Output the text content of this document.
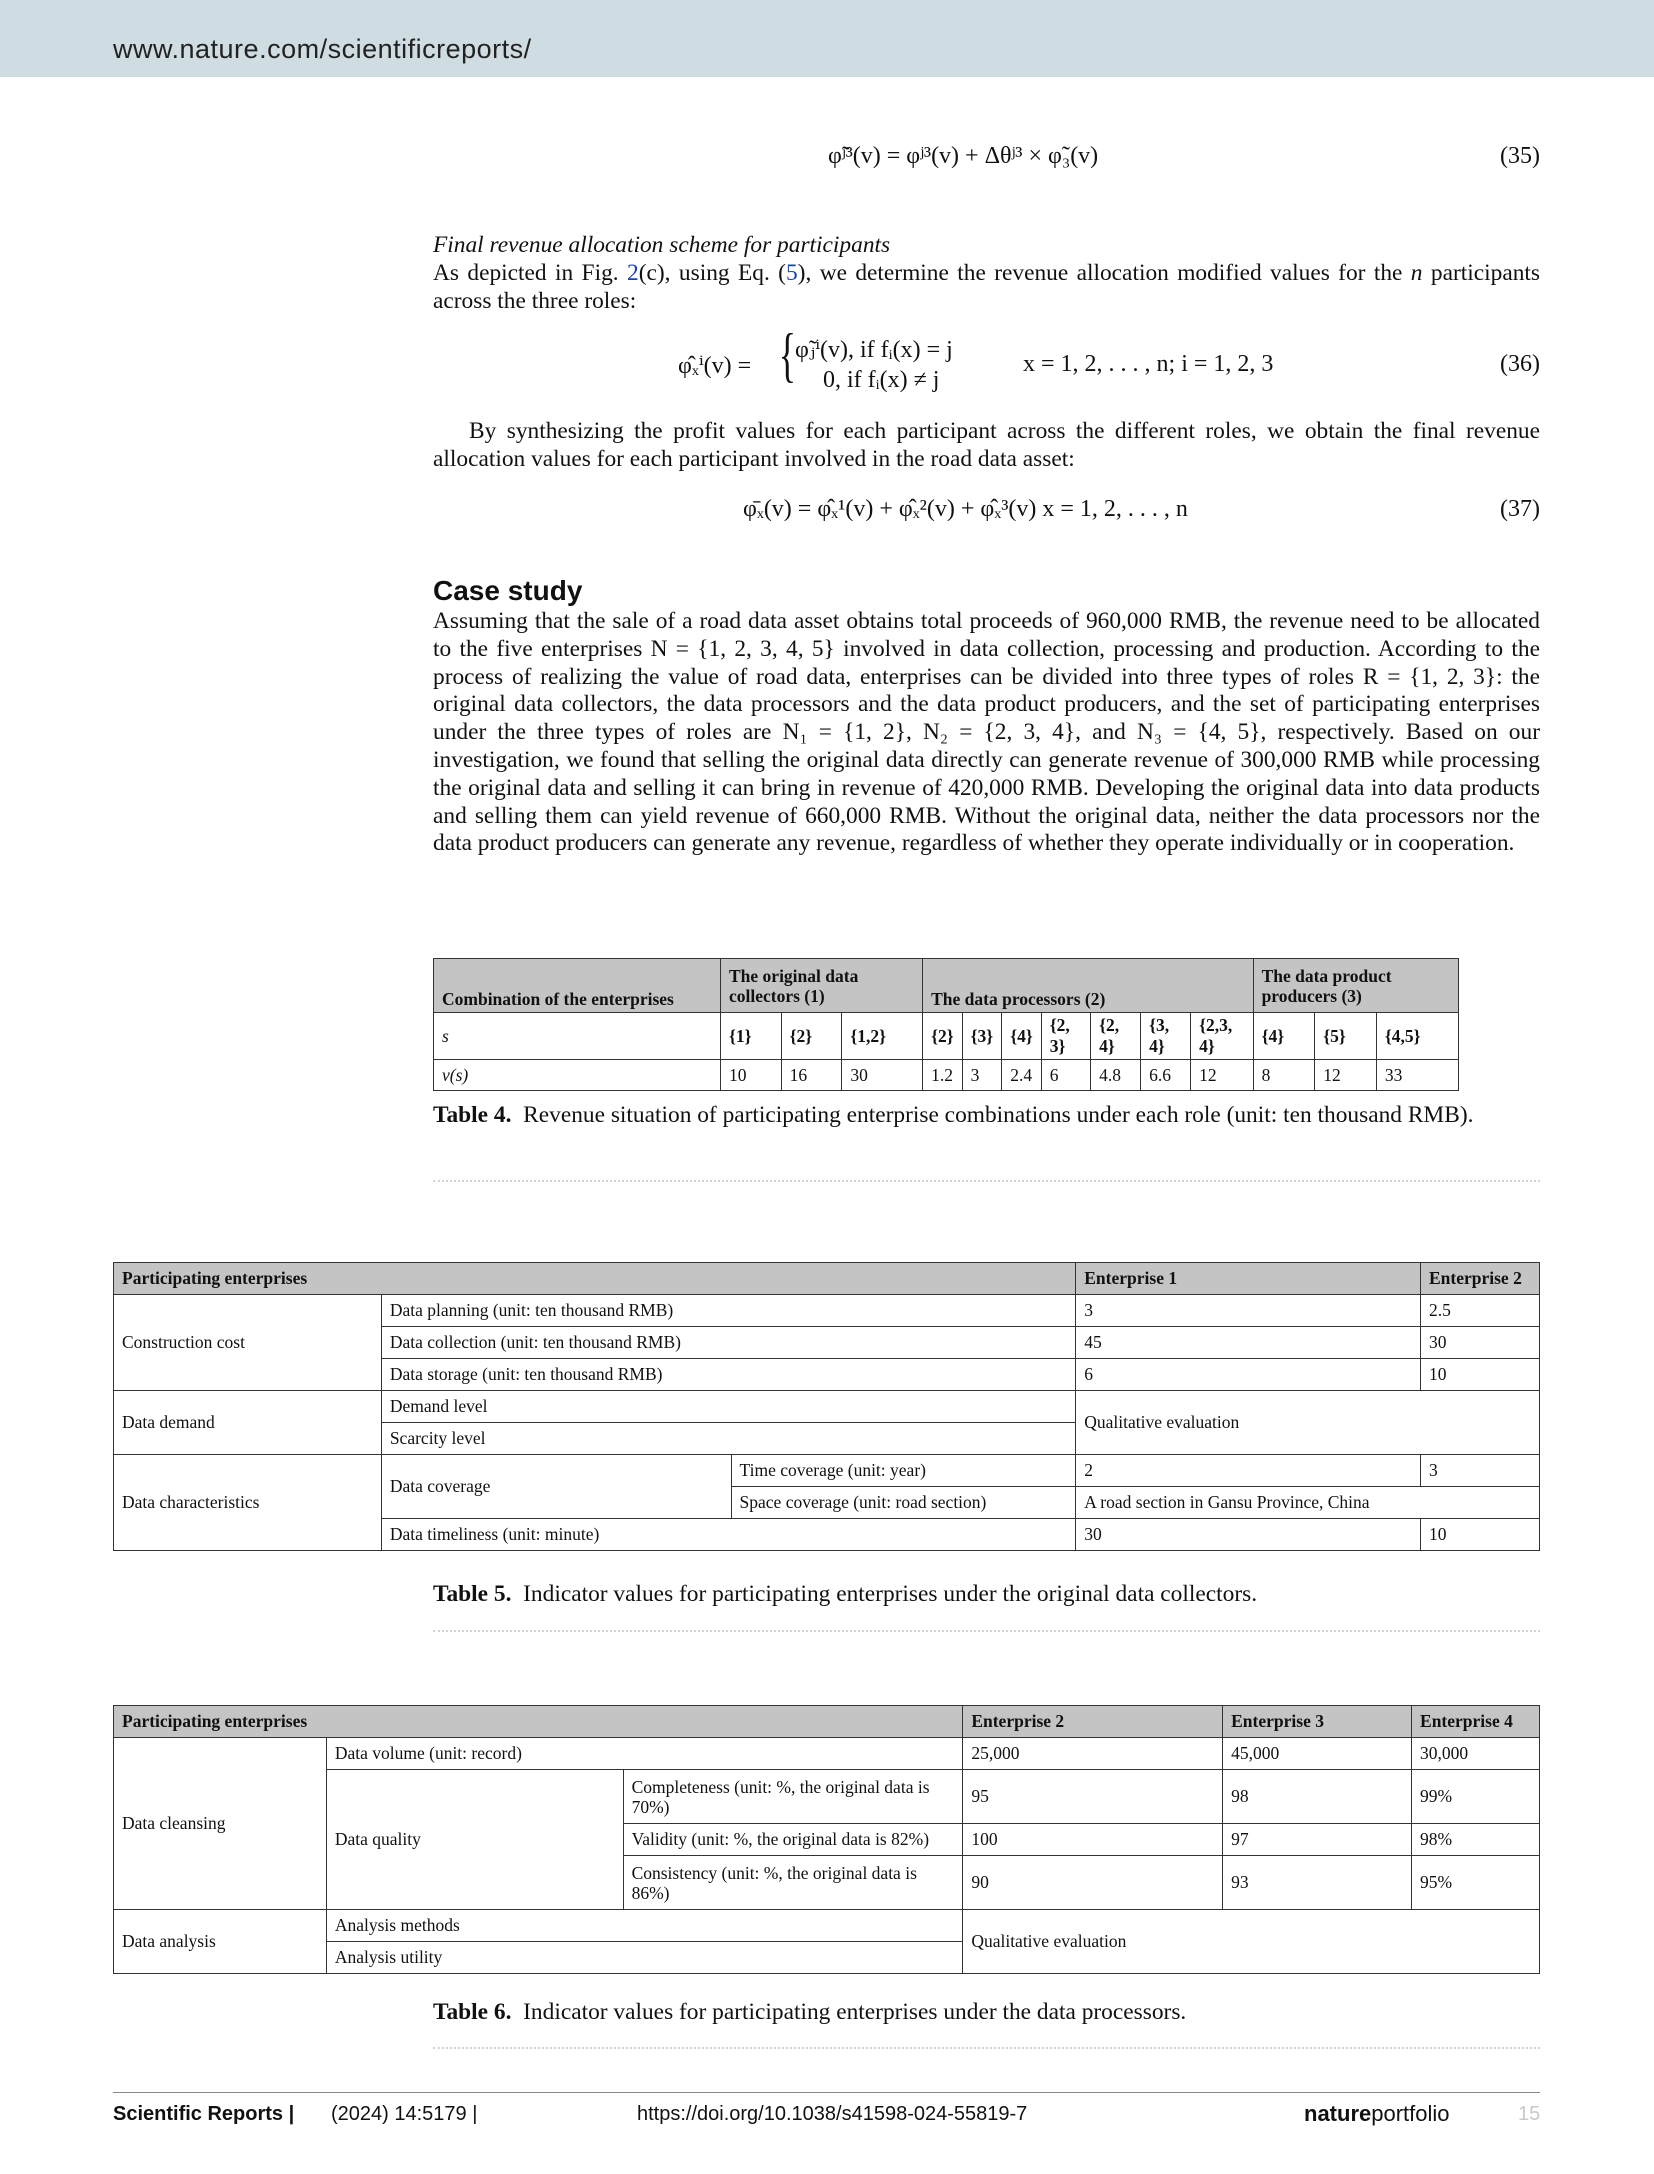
www.nature.com/scientificreports/
φ̃ʲ³(v) = φʲ³(v) + Δθʲ³ × φ̃₃(v)	(35)
Final revenue allocation scheme for participants
As depicted in Fig. 2(c), using Eq. (5), we determine the revenue allocation modified values for the n participants across the three roles:
φ̂ₓⁱ(v) = {
φ̃ⱼⁱ(v), if fᵢ(x) = j
0, if fᵢ(x) ≠ j
x = 1, 2, . . . , n; i = 1, 2, 3	(36)
By synthesizing the profit values for each participant across the different roles, we obtain the final revenue allocation values for each participant involved in the road data asset:
φ̄ₓ(v) = φ̂ₓ¹(v) + φ̂ₓ²(v) + φ̂ₓ³(v) x = 1, 2, . . . , n	(37)
Case study
Assuming that the sale of a road data asset obtains total proceeds of 960,000 RMB, the revenue need to be allocated to the five enterprises N = {1, 2, 3, 4, 5} involved in data collection, processing and production. According to the process of realizing the value of road data, enterprises can be divided into three types of roles R = {1, 2, 3}: the original data collectors, the data processors and the data product producers, and the set of participating enterprises under the three types of roles are N₁ = {1, 2}, N₂ = {2, 3, 4}, and N₃ = {4, 5}, respectively. Based on our investigation, we found that selling the original data directly can generate revenue of 300,000 RMB while processing the original data and selling it can bring in revenue of 420,000 RMB. Developing the original data into data products and selling them can yield revenue of 660,000 RMB. Without the original data, neither the data processors nor the data product producers can generate any revenue, regardless of whether they operate individually or in cooperation.
Combination of the enterprises	The original data collectors (1)			The data processors (2)							The data product producers (3)		
s	{1}	{2}	{1,2}	{2}	{3}	{4}	{2, 3}	{2, 4}	{3, 4}	{2,3, 4}	{4}	{5}	{4,5}
v(s)	10	16	30	1.2	3	2.4	6	4.8	6.6	12	8	12	33
Table 4. Revenue situation of participating enterprise combinations under each role (unit: ten thousand RMB).
Participating enterprises			Enterprise 1	Enterprise 2
Construction cost	Data planning (unit: ten thousand RMB)		3	2.5
	Data collection (unit: ten thousand RMB)		45	30
	Data storage (unit: ten thousand RMB)		6	10
Data demand	Demand level		Qualitative evaluation	
	Scarcity level			
Data characteristics	Data coverage	Time coverage (unit: year)	2	3
		Space coverage (unit: road section)	A road section in Gansu Province, China	
	Data timeliness (unit: minute)		30	10
Table 5. Indicator values for participating enterprises under the original data collectors.
Participating enterprises			Enterprise 2	Enterprise 3	Enterprise 4
Data cleansing	Data volume (unit: record)		25,000	45,000	30,000
	Data quality	Completeness (unit: %, the original data is 70%)	95	98	99%
		Validity (unit: %, the original data is 82%)	100	97	98%
		Consistency (unit: %, the original data is 86%)	90	93	95%
Data analysis	Analysis methods		Qualitative evaluation		
	Analysis utility				
Table 6. Indicator values for participating enterprises under the data processors.
Scientific Reports | (2024) 14:5179 |	https://doi.org/10.1038/s41598-024-55819-7	natureportfolio	15
